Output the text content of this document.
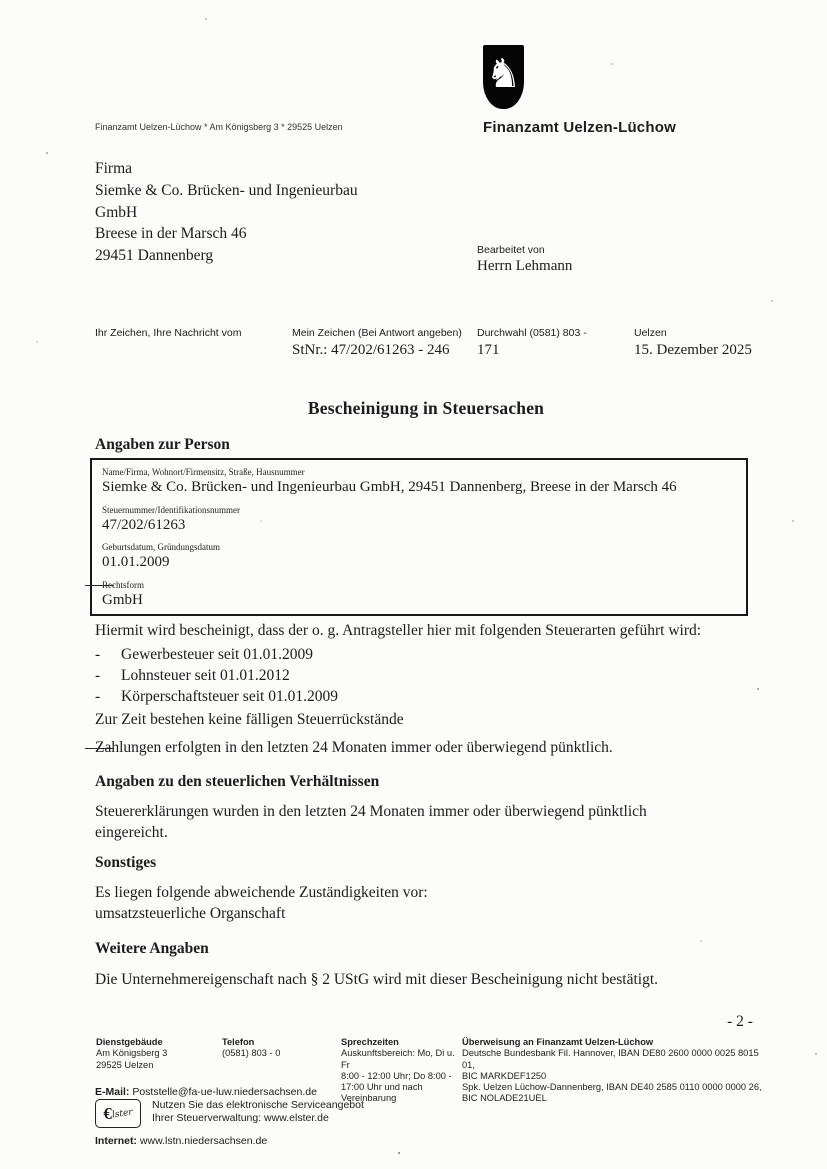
♞
Finanzamt Uelzen-Lüchow
Finanzamt Uelzen-Lüchow * Am Königsberg 3 * 29525 Uelzen
Firma
Siemke & Co. Brücken- und Ingenieurbau
GmbH
Breese in der Marsch 46
29451 Dannenberg	Bearbeitet von
Herrn Lehmann
Ihr Zeichen, Ihre Nachricht vom	Mein Zeichen (Bei Antwort angeben)
StNr.: 47/202/61263 - 246
Durchwahl (0581) 803 -
171
Uelzen
15. Dezember 2025
Bescheinigung in Steuersachen
Angaben zur Person
Name/Firma, Wohnort/Firmensitz, Straße, Hausnummer
Siemke & Co. Brücken- und Ingenieurbau GmbH, 29451 Dannenberg, Breese in der Marsch 46
Steuernummer/Identifikationsnummer
47/202/61263
Geburtsdatum, Gründungsdatum
01.01.2009
Rechtsform
GmbH
Hiermit wird bescheinigt, dass der o. g. Antragsteller hier mit folgenden Steuerarten geführt wird:
- Gewerbesteuer seit 01.01.2009
- Lohnsteuer seit 01.01.2012
- Körperschaftsteuer seit 01.01.2009
Zur Zeit bestehen keine fälligen Steuerrückstände
Zahlungen erfolgten in den letzten 24 Monaten immer oder überwiegend pünktlich.
Angaben zu den steuerlichen Verhältnissen
Steuererklärungen wurden in den letzten 24 Monaten immer oder überwiegend pünktlich
eingereicht.
Sonstiges
Es liegen folgende abweichende Zuständigkeiten vor:
umsatzsteuerliche Organschaft
Weitere Angaben
Die Unternehmereigenschaft nach § 2 UStG wird mit dieser Bescheinigung nicht bestätigt.
- 2 -
Dienstgebäude
Am Königsberg 3
29525 Uelzen
Telefon
(0581) 803 - 0
Sprechzeiten
Auskunftsbereich: Mo, Di u. Fr
8:00 - 12:00 Uhr; Do 8:00 -
17:00 Uhr und nach
Vereinbarung
Überweisung an Finanzamt Uelzen-Lüchow
Deutsche Bundesbank Fil. Hannover, IBAN DE80 2600 0000 0025 8015 01,
BIC MARKDEF1250
Spk. Uelzen Lüchow-Dannenberg, IBAN DE40 2585 0110 0000 0000 26,
BIC NOLADE21UEL
E-Mail: Poststelle@fa-ue-luw.niedersachsen.de
€ lster
Nutzen Sie das elektronische Serviceangebot
Ihrer Steuerverwaltung: www.elster.de
Internet: www.lstn.niedersachsen.de
